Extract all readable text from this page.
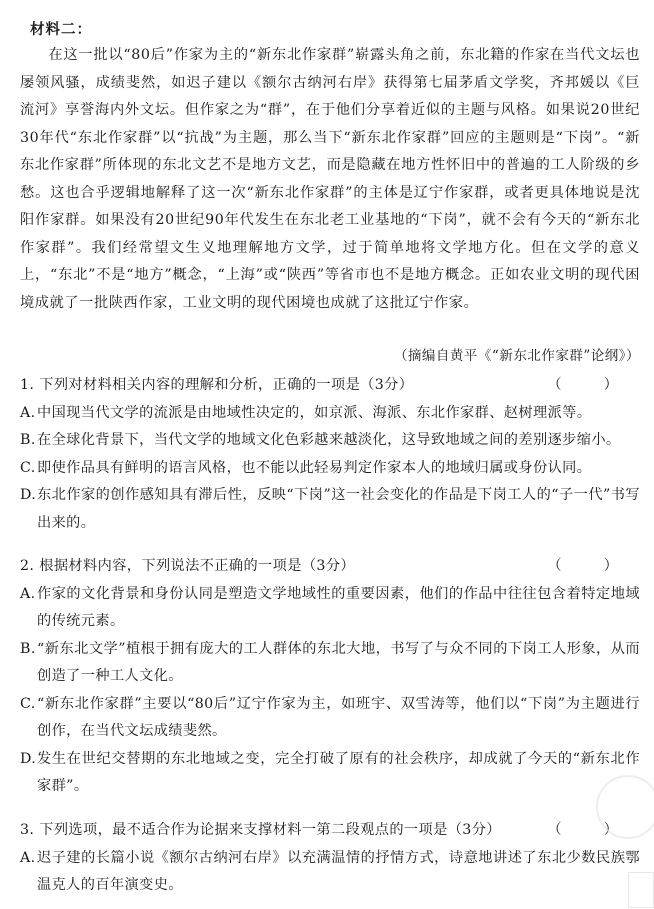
材料二：
在这一批以“80后”作家为主的“新东北作家群”崭露头角之前，东北籍的作家在当代文坛也屡领风骚，成绩斐然，如迟子建以《额尔古纳河右岸》获得第七届茅盾文学奖，齐邦媛以《巨流河》享誉海内外文坛。但作家之为“群”，在于他们分享着近似的主题与风格。如果说20世纪30年代“东北作家群”以“抗战”为主题，那么当下“新东北作家群”回应的主题则是“下岗”。“新东北作家群”所体现的东北文艺不是地方文艺，而是隐藏在地方性怀旧中的普遍的工人阶级的乡愁。这也合乎逻辑地解释了这一次“新东北作家群”的主体是辽宁作家群，或者更具体地说是沈阳作家群。如果没有20世纪90年代发生在东北老工业基地的“下岗”，就不会有今天的“新东北作家群”。我们经常望文生义地理解地方文学，过于简单地将文学地方化。但在文学的意义上，“东北”不是“地方”概念，“上海”或“陕西”等省市也不是地方概念。正如农业文明的现代困境成就了一批陕西作家，工业文明的现代困境也成就了这批辽宁作家。
（摘编自黄平《“新东北作家群”论纲》）
1. 下列对材料相关内容的理解和分析，正确的一项是（3分）	（　）
A. 中国现当代文学的流派是由地域性决定的，如京派、海派、东北作家群、赵树理派等。
B. 在全球化背景下，当代文学的地域文化色彩越来越淡化，这导致地域之间的差别逐步缩小。
C. 即使作品具有鲜明的语言风格，也不能以此轻易判定作家本人的地域归属或身份认同。
D. 东北作家的创作感知具有滞后性，反映“下岗”这一社会变化的作品是下岗工人的“子一代”书写出来的。
2. 根据材料内容，下列说法不正确的一项是（3分）	（　）
A. 作家的文化背景和身份认同是塑造文学地域性的重要因素，他们的作品中往往包含着特定地域的传统元素。
B. “新东北文学”植根于拥有庞大的工人群体的东北大地，书写了与众不同的下岗工人形象，从而创造了一种工人文化。
C. “新东北作家群”主要以“80后”辽宁作家为主，如班宇、双雪涛等，他们以“下岗”为主题进行创作，在当代文坛成绩斐然。
D. 发生在世纪交替期的东北地域之变，完全打破了原有的社会秩序，却成就了今天的“新东北作家群”。
3. 下列选项，最不适合作为论据来支撑材料一第二段观点的一项是（3分）	（　）
A. 迟子建的长篇小说《额尔古纳河右岸》以充满温情的抒情方式，诗意地讲述了东北少数民族鄂温克人的百年演变史。
